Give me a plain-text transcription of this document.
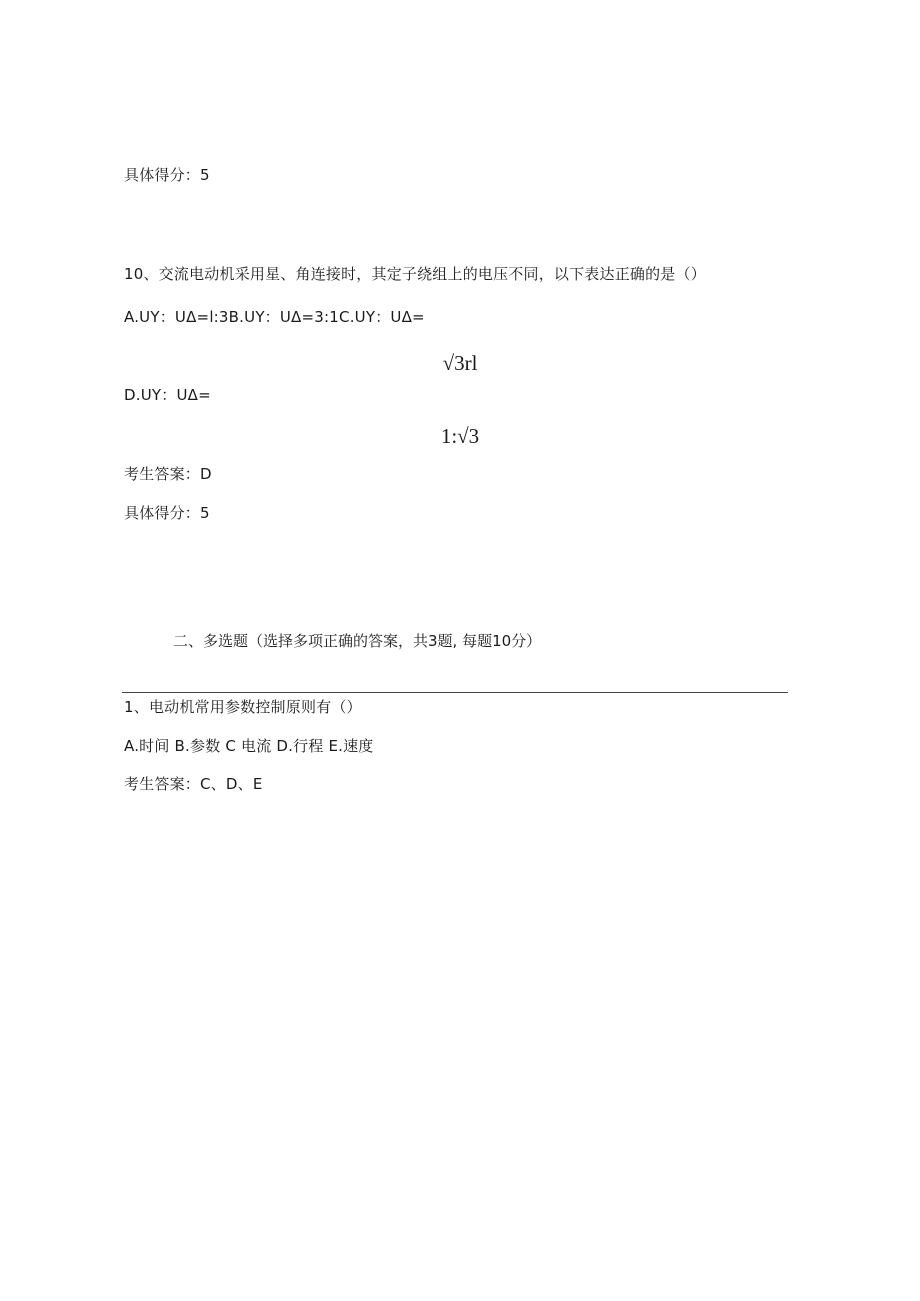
具体得分：5
10、交流电动机采用星、角连接时，其定子绕组上的电压不同，以下表达正确的是（）
A.UY：UΔ=l:3B.UY：UΔ=3:1C.UY：UΔ=
√3rl
D.UY：UΔ=
1:√3
考生答案：D
具体得分：5
二、多选题（选择多项正确的答案，共3题, 每题10分）
1、电动机常用参数控制原则有（）
A.时间 B.参数 C 电流 D.行程 E.速度
考生答案：C、D、E
